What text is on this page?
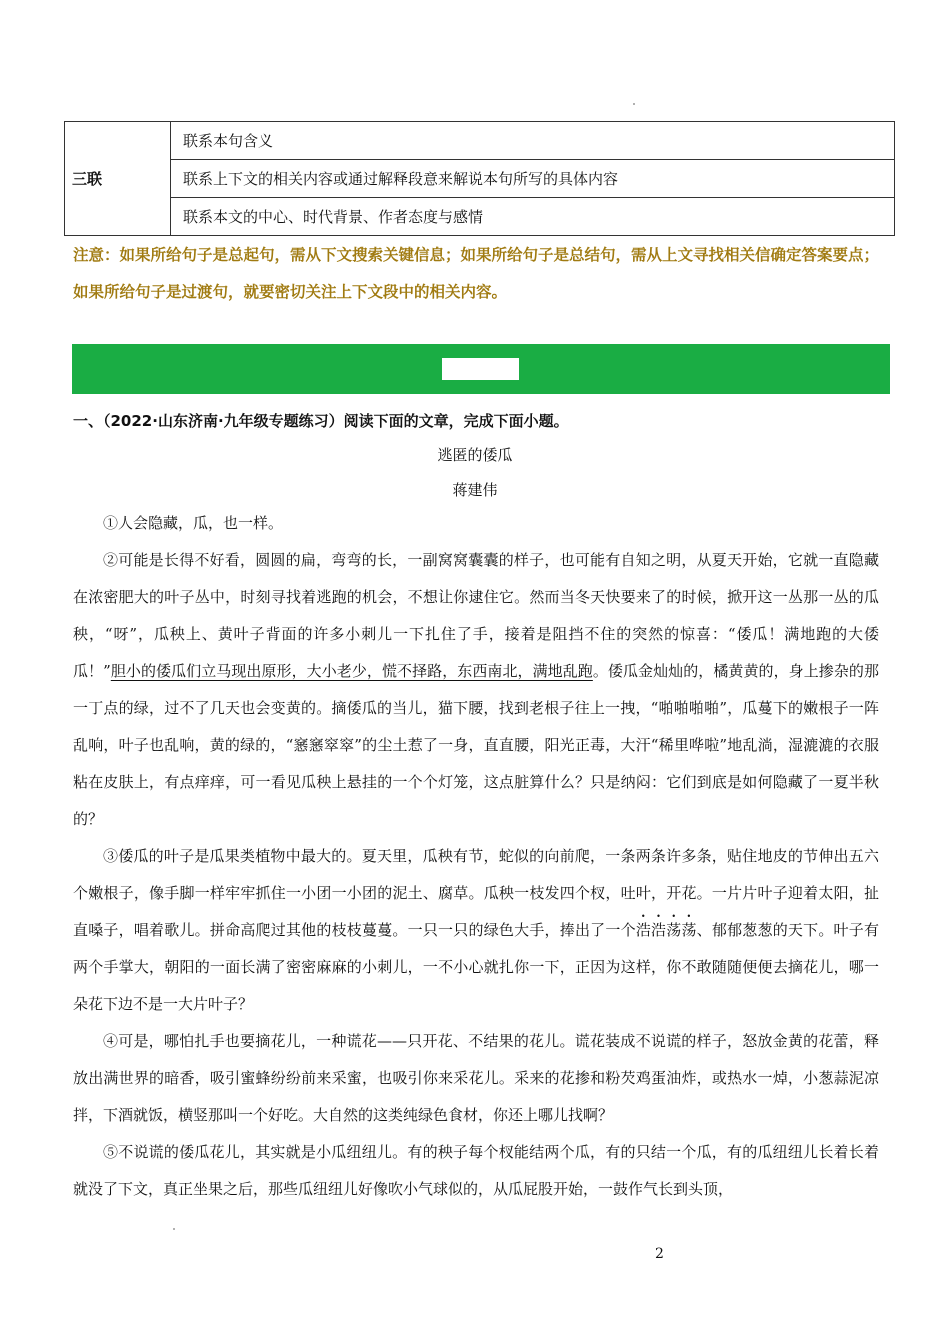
三联	联系本句含义
联系上下文的相关内容或通过解释段意来解说本句所写的具体内容
联系本文的中心、时代背景、作者态度与感情
注意：如果所给句子是总起句，需从下文搜索关键信息；如果所给句子是总结句，需从上文寻找相关信确定答案要点；如果所给句子是过渡句，就要密切关注上下文段中的相关内容。
一、（2022·山东济南·九年级专题练习）阅读下面的文章，完成下面小题。
逃匿的倭瓜
蒋建伟

①人会隐藏，瓜，也一样。

②可能是长得不好看，圆圆的扁，弯弯的长，一副窝窝囊囊的样子，也可能有自知之明，从夏天开始，它就一直隐藏在浓密肥大的叶子丛中，时刻寻找着逃跑的机会，不想让你逮住它。然而当冬天快要来了的时候，掀开这一丛那一丛的瓜秧，“呀”，瓜秧上、黄叶子背面的许多小刺儿一下扎住了手，接着是阻挡不住的突然的惊喜：“倭瓜！满地跑的大倭瓜！”胆小的倭瓜们立马现出原形，大小老少，慌不择路，东西南北，满地乱跑。倭瓜金灿灿的，橘黄黄的，身上掺杂的那一丁点的绿，过不了几天也会变黄的。摘倭瓜的当儿，猫下腰，找到老根子往上一拽，“啪啪啪啪”，瓜蔓下的嫩根子一阵乱响，叶子也乱响，黄的绿的，“窸窸窣窣”的尘土惹了一身，直直腰，阳光正毒，大汗“稀里哗啦”地乱淌，湿漉漉的衣服粘在皮肤上，有点痒痒，可一看见瓜秧上悬挂的一个个灯笼，这点脏算什么？只是纳闷：它们到底是如何隐藏了一夏半秋的？

③倭瓜的叶子是瓜果类植物中最大的。夏天里，瓜秧有节，蛇似的向前爬，一条两条许多条，贴住地皮的节伸出五六个嫩根子，像手脚一样牢牢抓住一小团一小团的泥土、腐草。瓜秧一枝发四个杈，吐叶，开花。一片片叶子迎着太阳，扯直嗓子，唱着歌儿。拼命高爬过其他的枝枝蔓蔓。一只一只的绿色大手，捧出了一个浩浩荡荡、郁郁葱葱的天下。叶子有两个手掌大，朝阳的一面长满了密密麻麻的小刺儿，一不小心就扎你一下，正因为这样，你不敢随随便便去摘花儿，哪一朵花下边不是一大片叶子？

④可是，哪怕扎手也要摘花儿，一种谎花——只开花、不结果的花儿。谎花装成不说谎的样子，怒放金黄的花蕾，释放出满世界的暗香，吸引蜜蜂纷纷前来采蜜，也吸引你来采花儿。采来的花掺和粉芡鸡蛋油炸，或热水一焯，小葱蒜泥凉拌，下酒就饭，横竖那叫一个好吃。大自然的这类纯绿色食材，你还上哪儿找啊？

⑤不说谎的倭瓜花儿，其实就是小瓜纽纽儿。有的秧子每个杈能结两个瓜，有的只结一个瓜，有的瓜纽纽儿长着长着就没了下文，真正坐果之后，那些瓜纽纽儿好像吹小气球似的，从瓜屁股开始，一鼓作气长到头顶，

2
